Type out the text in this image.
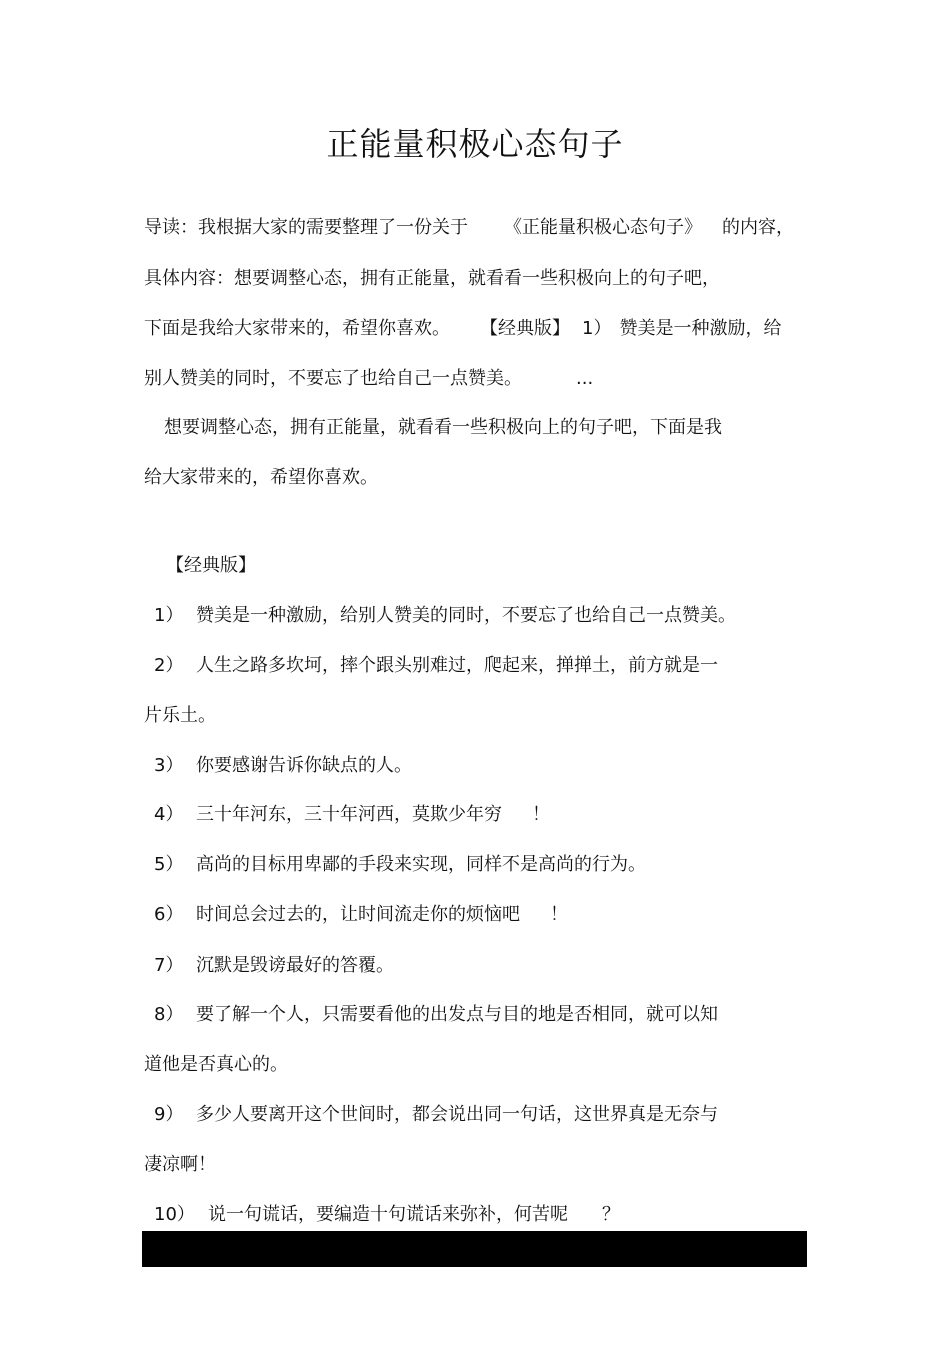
正能量积极心态句子
导读：我根据大家的需要整理了一份关于 《正能量积极心态句子》 的内容，
具体内容：想要调整心态，拥有正能量，就看看一些积极向上的句子吧，
下面是我给大家带来的，希望你喜欢。 【经典版】 1） 赞美是一种激励，给
别人赞美的同时，不要忘了也给自己一点赞美。	...
想要调整心态，拥有正能量，就看看一些积极向上的句子吧，下面是我
给大家带来的，希望你喜欢。
【经典版】
1） 赞美是一种激励，给别人赞美的同时，不要忘了也给自己一点赞美。
2） 人生之路多坎坷，摔个跟头别难过，爬起来，掸掸土，前方就是一
片乐土。
3） 你要感谢告诉你缺点的人。
4） 三十年河东，三十年河西，莫欺少年穷 ！
5） 高尚的目标用卑鄙的手段来实现，同样不是高尚的行为。
6） 时间总会过去的，让时间流走你的烦恼吧 ！
7） 沉默是毁谤最好的答覆。
8） 要了解一个人，只需要看他的出发点与目的地是否相同，就可以知
道他是否真心的。
9） 多少人要离开这个世间时，都会说出同一句话，这世界真是无奈与
凄凉啊！
10） 说一句谎话，要编造十句谎话来弥补，何苦呢 ？
